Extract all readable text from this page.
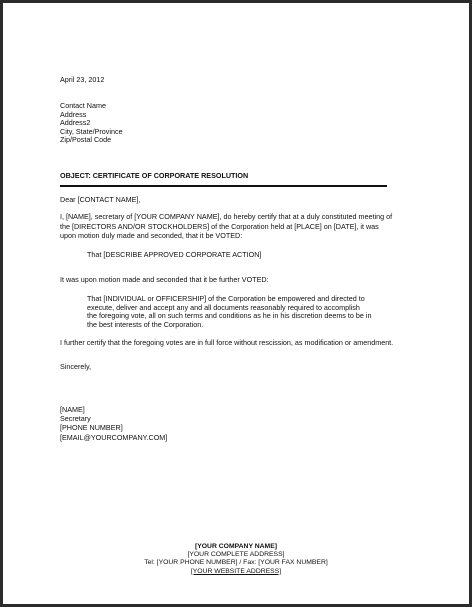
April 23, 2012
Contact Name
Address
Address2
City, State/Province
Zip/Postal Code
OBJECT: CERTIFICATE OF CORPORATE RESOLUTION
Dear [CONTACT NAME],
I, [NAME], secretary of [YOUR COMPANY NAME], do hereby certify that at a duly constituted meeting of
the [DIRECTORS AND/OR STOCKHOLDERS] of the Corporation held at [PLACE] on [DATE], it was
upon motion duly made and seconded, that it be VOTED:
That [DESCRIBE APPROVED CORPORATE ACTION]
It was upon motion made and seconded that it be further VOTED:
That [INDIVIDUAL or OFFICERSHIP] of the Corporation be empowered and directed to
execute, deliver and accept any and all documents reasonably required to accomplish
the foregoing vote, all on such terms and conditions as he in his discretion deems to be in
the best interests of the Corporation.
I further certify that the foregoing votes are in full force without rescission, as modification or amendment.
Sincerely,
[NAME]
Secretary
[PHONE NUMBER]
[EMAIL@YOURCOMPANY.COM]
[YOUR COMPANY NAME]
[YOUR COMPLETE ADDRESS]
Tel: [YOUR PHONE NUMBER] / Fax: [YOUR FAX NUMBER]
[YOUR WEBSITE ADDRESS]
